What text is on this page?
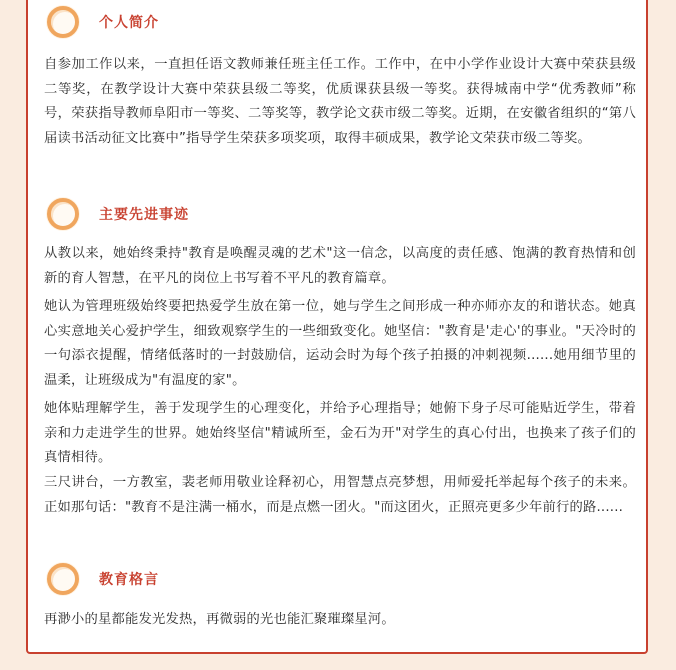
个人简介

自参加工作以来，一直担任语文教师兼任班主任工作。工作中，在中小学作业设计大赛中荣获县级二等奖，在教学设计大赛中荣获县级二等奖，优质课获县级一等奖。获得城南中学“优秀教师”称号，荣获指导教师阜阳市一等奖、二等奖等，教学论文获市级二等奖。近期，在安徽省组织的“第八届读书活动征文比赛中”指导学生荣获多项奖项，取得丰硕成果，教学论文荣获市级二等奖。

主要先进事迹

从教以来，她始终秉持"教育是唤醒灵魂的艺术"这一信念，以高度的责任感、饱满的教育热情和创新的育人智慧，在平凡的岗位上书写着不平凡的教育篇章。

她认为管理班级始终要把热爱学生放在第一位，她与学生之间形成一种亦师亦友的和谐状态。她真心实意地关心爱护学生，细致观察学生的一些细致变化。她坚信："教育是'走心'的事业。"天冷时的一句添衣提醒，情绪低落时的一封鼓励信，运动会时为每个孩子拍摄的冲刺视频......她用细节里的温柔，让班级成为"有温度的家"。

她体贴理解学生，善于发现学生的心理变化，并给予心理指导；她俯下身子尽可能贴近学生，带着亲和力走进学生的世界。她始终坚信"精诚所至，金石为开"对学生的真心付出，也换来了孩子们的真情相待。

三尺讲台，一方教室，裴老师用敬业诠释初心，用智慧点亮梦想，用师爱托举起每个孩子的未来。正如那句话："教育不是注满一桶水，而是点燃一团火。"而这团火，正照亮更多少年前行的路......

教育格言

再渺小的星都能发光发热，再微弱的光也能汇聚璀璨星河。
